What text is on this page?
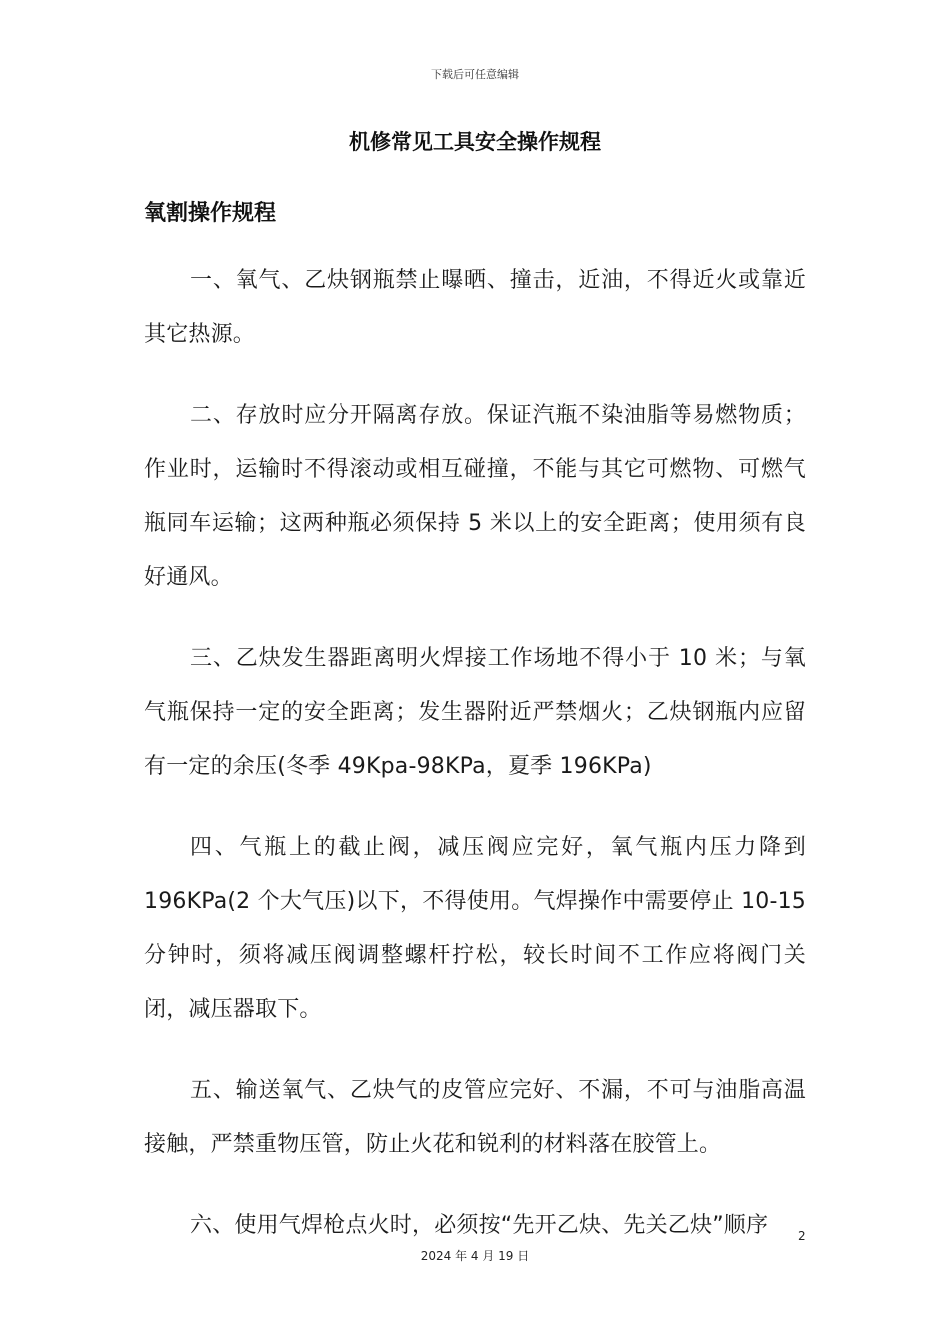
下载后可任意编辑
机修常见工具安全操作规程
氧割操作规程

一、氧气、乙炔钢瓶禁止曝晒、撞击，近油，不得近火或靠近其它热源。

二、存放时应分开隔离存放。保证汽瓶不染油脂等易燃物质；作业时，运输时不得滚动或相互碰撞，不能与其它可燃物、可燃气瓶同车运输；这两种瓶必须保持 5 米以上的安全距离；使用须有良好通风。

三、乙炔发生器距离明火焊接工作场地不得小于 10 米；与氧气瓶保持一定的安全距离；发生器附近严禁烟火；乙炔钢瓶内应留有一定的余压(冬季 49Kpa-98KPa，夏季 196KPa)

四、气瓶上的截止阀，减压阀应完好，氧气瓶内压力降到196KPa(2 个大气压)以下，不得使用。气焊操作中需要停止 10-15分钟时，须将减压阀调整螺杆拧松，较长时间不工作应将阀门关闭，减压器取下。

五、输送氧气、乙炔气的皮管应完好、不漏，不可与油脂高温接触，严禁重物压管，防止火花和锐利的材料落在胶管上。

六、使用气焊枪点火时，必须按“先开乙炔、先关乙炔”顺序	2
2024 年 4 月 19 日
